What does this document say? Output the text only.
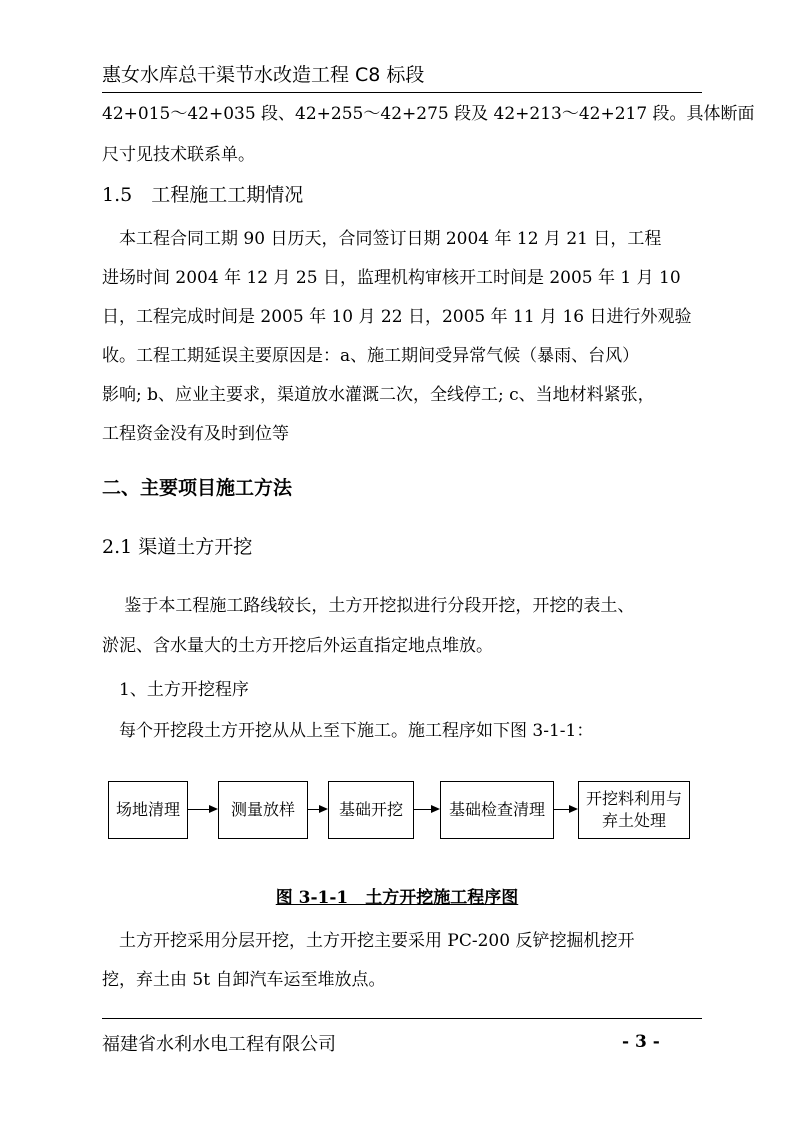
惠女水库总干渠节水改造工程 C8 标段
42+015～42+035 段、42+255～42+275 段及 42+213～42+217 段。具体断面
尺寸见技术联系单。
1.5　工程施工工期情况
　本工程合同工期 90 日历天，合同签订日期 2004 年 12 月 21 日，工程
进场时间 2004 年 12 月 25 日，监理机构审核开工时间是 2005 年 1 月 10
日，工程完成时间是 2005 年 10 月 22 日，2005 年 11 月 16 日进行外观验
收。工程工期延误主要原因是：a、施工期间受异常气候（暴雨、台风）
影响; b、应业主要求，渠道放水灌溉二次，全线停工; c、当地材料紧张，
工程资金没有及时到位等
二、主要项目施工方法
2.1 渠道土方开挖
　 鉴于本工程施工路线较长，土方开挖拟进行分段开挖，开挖的表土、
淤泥、含水量大的土方开挖后外运直指定地点堆放。
　1、土方开挖程序
　每个开挖段土方开挖从从上至下施工。施工程序如下图 3-1-1：
场地清理	测量放样	基础开挖	基础检查清理
开挖料利用与
弃土处理
图 3-1-1　土方开挖施工程序图
　土方开挖采用分层开挖，土方开挖主要采用 PC-200 反铲挖掘机挖开
挖，弃土由 5t 自卸汽车运至堆放点。
福建省水利水电工程有限公司	- 3 -
